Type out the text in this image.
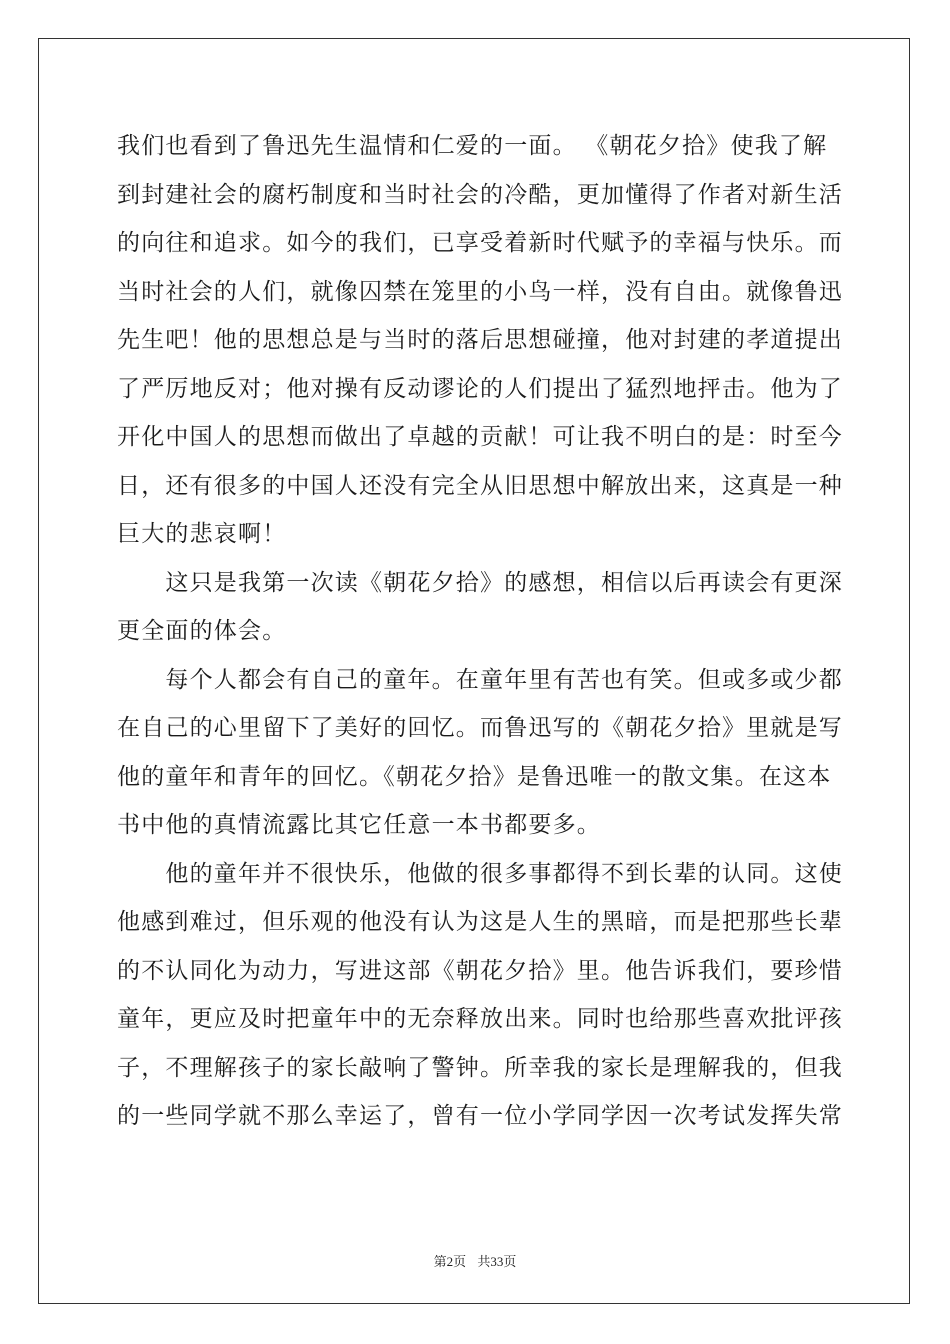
我们也看到了鲁迅先生温情和仁爱的一面。 《朝花夕拾》使我了解
到封建社会的腐朽制度和当时社会的冷酷，更加懂得了作者对新生活
的向往和追求。如今的我们，已享受着新时代赋予的幸福与快乐。而
当时社会的人们，就像囚禁在笼里的小鸟一样，没有自由。就像鲁迅
先生吧！他的思想总是与当时的落后思想碰撞，他对封建的孝道提出
了严厉地反对；他对操有反动谬论的人们提出了猛烈地抨击。他为了
开化中国人的思想而做出了卓越的贡献！可让我不明白的是：时至今
日，还有很多的中国人还没有完全从旧思想中解放出来，这真是一种
巨大的悲哀啊！
　　这只是我第一次读《朝花夕拾》的感想，相信以后再读会有更深
更全面的体会。
　　每个人都会有自己的童年。在童年里有苦也有笑。但或多或少都
在自己的心里留下了美好的回忆。而鲁迅写的《朝花夕拾》里就是写
他的童年和青年的回忆。《朝花夕拾》是鲁迅唯一的散文集。在这本
书中他的真情流露比其它任意一本书都要多。
　　他的童年并不很快乐，他做的很多事都得不到长辈的认同。这使
他感到难过，但乐观的他没有认为这是人生的黑暗，而是把那些长辈
的不认同化为动力，写进这部《朝花夕拾》里。他告诉我们，要珍惜
童年，更应及时把童年中的无奈释放出来。同时也给那些喜欢批评孩
子，不理解孩子的家长敲响了警钟。所幸我的家长是理解我的，但我
的一些同学就不那么幸运了，曾有一位小学同学因一次考试发挥失常
第2页 共33页
